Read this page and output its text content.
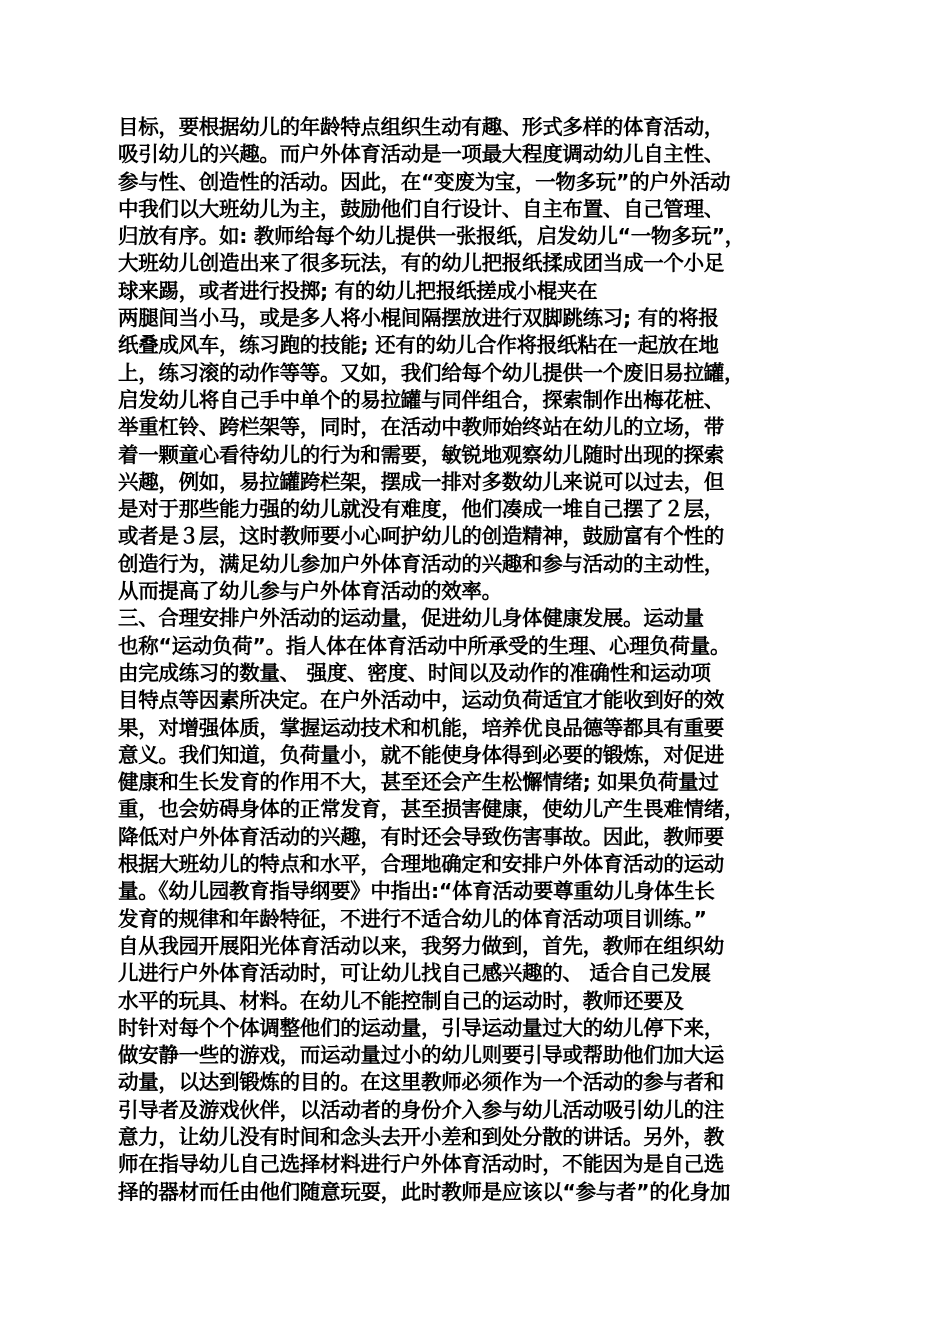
目标，要根据幼儿的年龄特点组织生动有趣、形式多样的体育活动，
吸引幼儿的兴趣。而户外体育活动是一项最大程度调动幼儿自主性、
参与性、创造性的活动。因此，在“变废为宝，一物多玩”的户外活动
中我们以大班幼儿为主，鼓励他们自行设计、自主布置、自己管理、
归放有序。如: 教师给每个幼儿提供一张报纸，启发幼儿“一物多玩”，
大班幼儿创造出来了很多玩法，有的幼儿把报纸揉成团当成一个小足
球来踢，或者进行投掷; 有的幼儿把报纸搓成小棍夹在
两腿间当小马，或是多人将小棍间隔摆放进行双脚跳练习; 有的将报
纸叠成风车，练习跑的技能; 还有的幼儿合作将报纸粘在一起放在地
上，练习滚的动作等等。又如，我们给每个幼儿提供一个废旧易拉罐，
启发幼儿将自己手中单个的易拉罐与同伴组合，探索制作出梅花桩、
举重杠铃、跨栏架等，同时，在活动中教师始终站在幼儿的立场，带
着一颗童心看待幼儿的行为和需要，敏锐地观察幼儿随时出现的探索
兴趣，例如，易拉罐跨栏架，摆成一排对多数幼儿来说可以过去，但
是对于那些能力强的幼儿就没有难度，他们凑成一堆自己摆了２层，
或者是３层，这时教师要小心呵护幼儿的创造精神，鼓励富有个性的
创造行为，满足幼儿参加户外体育活动的兴趣和参与活动的主动性，
从而提高了幼儿参与户外体育活动的效率。
三、合理安排户外活动的运动量，促进幼儿身体健康发展。运动量
也称“运动负荷”。指人体在体育活动中所承受的生理、心理负荷量。
由完成练习的数量、 强度、密度、时间以及动作的准确性和运动项
目特点等因素所决定。在户外活动中，运动负荷适宜才能收到好的效
果，对增强体质，掌握运动技术和机能，培养优良品德等都具有重要
意义。我们知道，负荷量小，就不能使身体得到必要的锻炼，对促进
健康和生长发育的作用不大，甚至还会产生松懈情绪; 如果负荷量过
重，也会妨碍身体的正常发育，甚至损害健康，使幼儿产生畏难情绪，
降低对户外体育活动的兴趣，有时还会导致伤害事故。因此，教师要
根据大班幼儿的特点和水平，合理地确定和安排户外体育活动的运动
量。《幼儿园教育指导纲要》中指出:“体育活动要尊重幼儿身体生长
发育的规律和年龄特征，不进行不适合幼儿的体育活动项目训练。”
自从我园开展阳光体育活动以来，我努力做到，首先，教师在组织幼
儿进行户外体育活动时，可让幼儿找自己感兴趣的、 适合自己发展
水平的玩具、材料。在幼儿不能控制自己的运动时，教师还要及
时针对每个个体调整他们的运动量，引导运动量过大的幼儿停下来，
做安静一些的游戏，而运动量过小的幼儿则要引导或帮助他们加大运
动量，以达到锻炼的目的。在这里教师必须作为一个活动的参与者和
引导者及游戏伙伴，以活动者的身份介入参与幼儿活动吸引幼儿的注
意力，让幼儿没有时间和念头去开小差和到处分散的讲话。另外，教
师在指导幼儿自己选择材料进行户外体育活动时，不能因为是自己选
择的器材而任由他们随意玩耍，此时教师是应该以“参与者”的化身加
